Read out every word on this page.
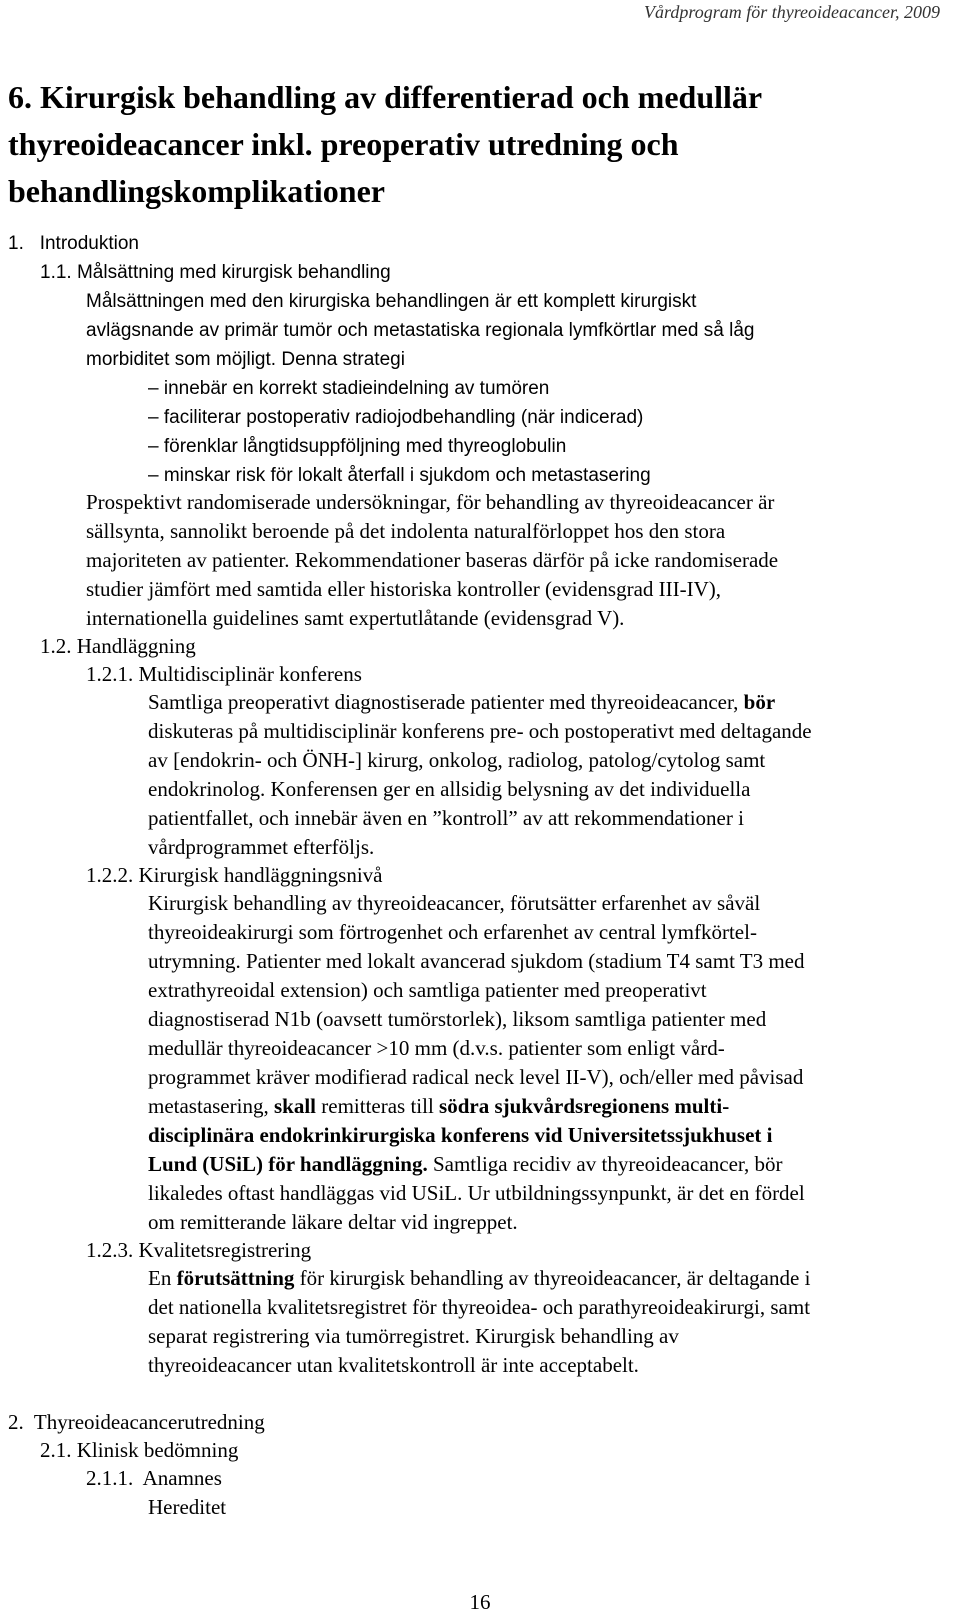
Vårdprogram för thyreoideacancer, 2009
6. Kirurgisk behandling av differentierad och medullär thyreoideacancer inkl. preoperativ utredning och behandlingskomplikationer
1. Introduktion
1.1. Målsättning med kirurgisk behandling
Målsättningen med den kirurgiska behandlingen är ett komplett kirurgiskt
avlägsnande av primär tumör och metastatiska regionala lymfkörtlar med så låg
morbiditet som möjligt. Denna strategi
– innebär en korrekt stadieindelning av tumören
– faciliterar postoperativ radiojodbehandling (när indicerad)
– förenklar långtidsuppföljning med thyreoglobulin
– minskar risk för lokalt återfall i sjukdom och metastasering
Prospektivt randomiserade undersökningar, för behandling av thyreoideacancer är
sällsynta, sannolikt beroende på det indolenta naturalförloppet hos den stora
majoriteten av patienter. Rekommendationer baseras därför på icke randomiserade
studier jämfört med samtida eller historiska kontroller (evidensgrad III-IV),
internationella guidelines samt expertutlåtande (evidensgrad V).
1.2. Handläggning
1.2.1. Multidisciplinär konferens
Samtliga preoperativt diagnostiserade patienter med thyreoideacancer, bör
diskuteras på multidisciplinär konferens pre- och postoperativt med deltagande
av [endokrin- och ÖNH-] kirurg, onkolog, radiolog, patolog/cytolog samt
endokrinolog. Konferensen ger en allsidig belysning av det individuella
patientfallet, och innebär även en ”kontroll” av att rekommendationer i
vårdprogrammet efterföljs.
1.2.2. Kirurgisk handläggningsnivå
Kirurgisk behandling av thyreoideacancer, förutsätter erfarenhet av såväl
thyreoideakirurgi som förtrogenhet och erfarenhet av central lymfkörtel-
utrymning. Patienter med lokalt avancerad sjukdom (stadium T4 samt T3 med
extrathyreoidal extension) och samtliga patienter med preoperativt
diagnostiserad N1b (oavsett tumörstorlek), liksom samtliga patienter med
medullär thyreoideacancer >10 mm (d.v.s. patienter som enligt vård-
programmet kräver modifierad radical neck level II-V), och/eller med påvisad
metastasering, skall remitteras till södra sjukvårdsregionens multi-
disciplinära endokrinkirurgiska konferens vid Universitetssjukhuset i
Lund (USiL) för handläggning. Samtliga recidiv av thyreoideacancer, bör
likaledes oftast handläggas vid USiL. Ur utbildningssynpunkt, är det en fördel
om remitterande läkare deltar vid ingreppet.
1.2.3. Kvalitetsregistrering
En förutsättning för kirurgisk behandling av thyreoideacancer, är deltagande i
det nationella kvalitetsregistret för thyreoidea- och parathyreoideakirurgi, samt
separat registrering via tumörregistret. Kirurgisk behandling av
thyreoideacancer utan kvalitetskontroll är inte acceptabelt.
2. Thyreoideacancerutredning
2.1. Klinisk bedömning
2.1.1. Anamnes
Hereditet
16
